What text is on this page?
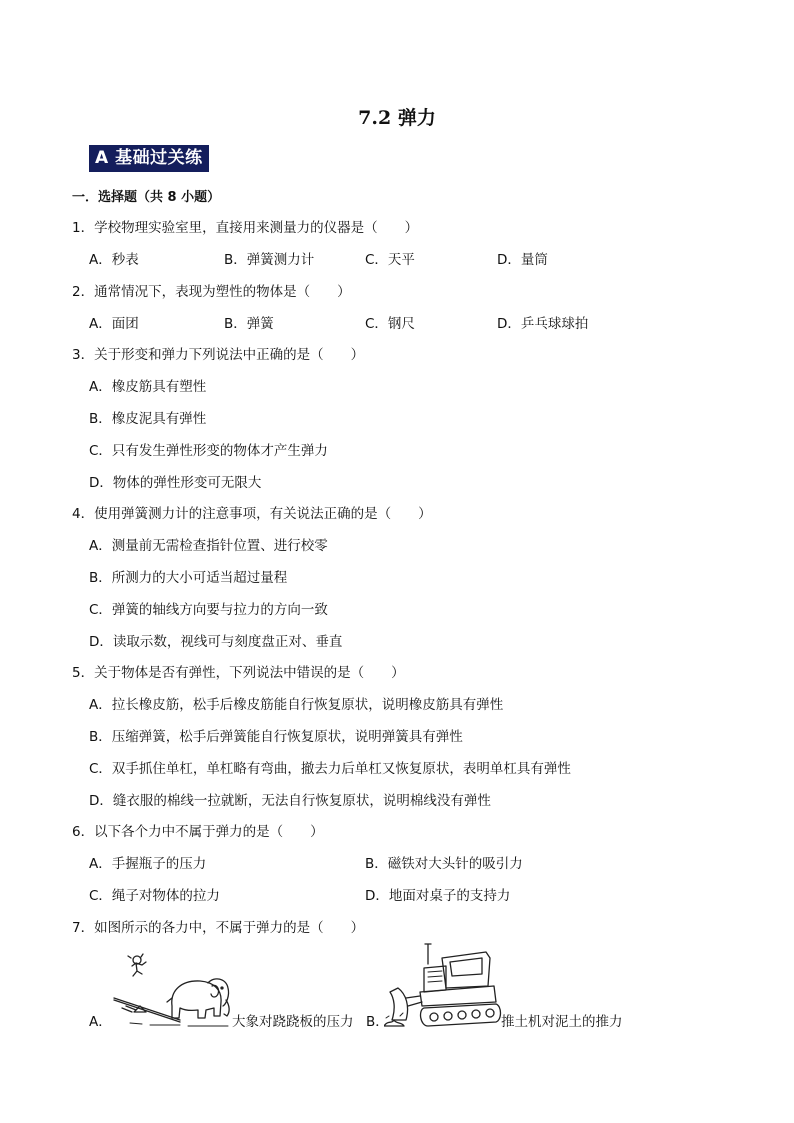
7.2 弹力
A 基础过关练
一．选择题（共 8 小题）
1．学校物理实验室里，直接用来测量力的仪器是（　　）
A．秒表	B．弹簧测力计	C．天平	D．量筒
2．通常情况下，表现为塑性的物体是（　　）
A．面团	B．弹簧	C．钢尺	D．乒乓球球拍
3．关于形变和弹力下列说法中正确的是（　　）
A．橡皮筋具有塑性
B．橡皮泥具有弹性
C．只有发生弹性形变的物体才产生弹力
D．物体的弹性形变可无限大
4．使用弹簧测力计的注意事项，有关说法正确的是（　　）
A．测量前无需检查指针位置、进行校零
B．所测力的大小可适当超过量程
C．弹簧的轴线方向要与拉力的方向一致
D．读取示数，视线可与刻度盘正对、垂直
5．关于物体是否有弹性，下列说法中错误的是（　　）
A．拉长橡皮筋，松手后橡皮筋能自行恢复原状，说明橡皮筋具有弹性
B．压缩弹簧，松手后弹簧能自行恢复原状，说明弹簧具有弹性
C．双手抓住单杠，单杠略有弯曲，撤去力后单杠又恢复原状，表明单杠具有弹性
D．缝衣服的棉线一拉就断，无法自行恢复原状，说明棉线没有弹性
6．以下各个力中不属于弹力的是（　　）
A．手握瓶子的压力	B．磁铁对大头针的吸引力
C．绳子对物体的拉力	D．地面对桌子的支持力
7．如图所示的各力中，不属于弹力的是（　　）
A．	大象对跷跷板的压力 B．	推土机对泥土的推力
